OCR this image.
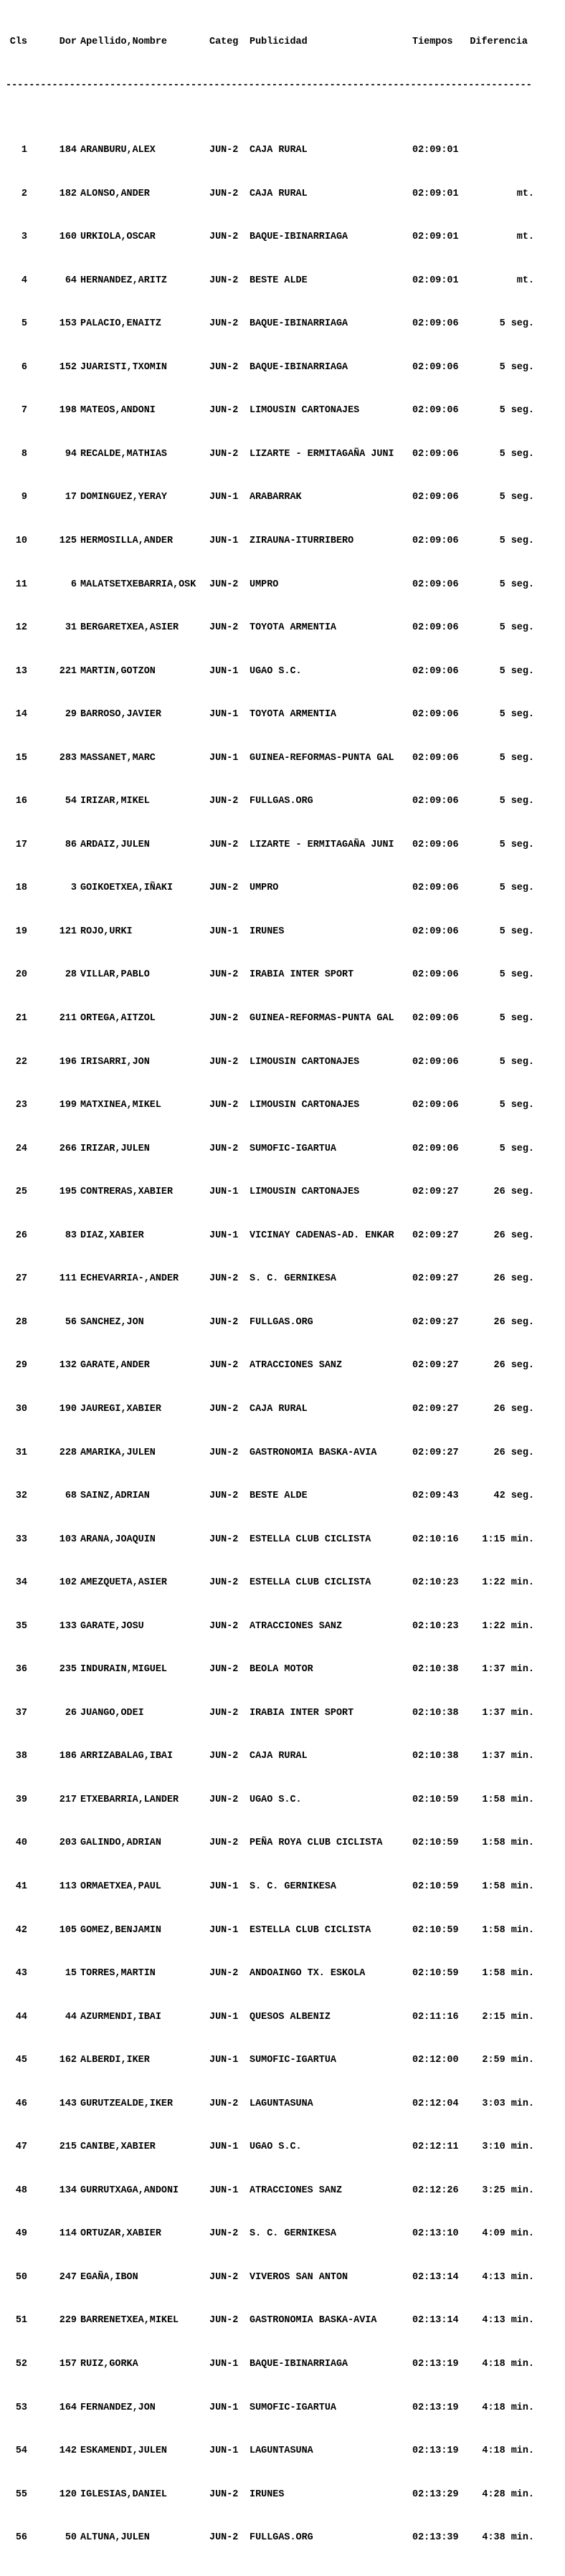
Cls	Dor Apellido,Nombre	Categ	Publicidad	Tiempos	Diferencia

-------------------------------------------------------------------------------------------

1	184 ARANBURU,ALEX	JUN-2	CAJA RURAL	02:09:01

2	182 ALONSO,ANDER	JUN-2	CAJA RURAL	02:09:01	mt.

3	160 URKIOLA,OSCAR	JUN-2	BAQUE-IBINARRIAGA	02:09:01	mt.

4	64 HERNANDEZ,ARITZ	JUN-2	BESTE ALDE	02:09:01	mt.

5	153 PALACIO,ENAITZ	JUN-2	BAQUE-IBINARRIAGA	02:09:06	5 seg.

6	152 JUARISTI,TXOMIN	JUN-2	BAQUE-IBINARRIAGA	02:09:06	5 seg.

7	198 MATEOS,ANDONI	JUN-2	LIMOUSIN CARTONAJES	02:09:06	5 seg.

8	94 RECALDE,MATHIAS	JUN-2	LIZARTE - ERMITAGAÑA JUNI	02:09:06	5 seg.

9	17 DOMINGUEZ,YERAY	JUN-1	ARABARRAK	02:09:06	5 seg.

10	125 HERMOSILLA,ANDER	JUN-1	ZIRAUNA-ITURRIBERO	02:09:06	5 seg.

11	6 MALATSETXEBARRIA,OSK	JUN-2	UMPRO	02:09:06	5 seg.

12	31 BERGARETXEA,ASIER	JUN-2	TOYOTA ARMENTIA	02:09:06	5 seg.

13	221 MARTIN,GOTZON	JUN-1	UGAO S.C.	02:09:06	5 seg.

14	29 BARROSO,JAVIER	JUN-1	TOYOTA ARMENTIA	02:09:06	5 seg.

15	283 MASSANET,MARC	JUN-1	GUINEA-REFORMAS-PUNTA GAL	02:09:06	5 seg.

16	54 IRIZAR,MIKEL	JUN-2	FULLGAS.ORG	02:09:06	5 seg.

17	86 ARDAIZ,JULEN	JUN-2	LIZARTE - ERMITAGAÑA JUNI	02:09:06	5 seg.

18	3 GOIKOETXEA,IÑAKI	JUN-2	UMPRO	02:09:06	5 seg.

19	121 ROJO,URKI	JUN-1	IRUNES	02:09:06	5 seg.

20	28 VILLAR,PABLO	JUN-2	IRABIA INTER SPORT	02:09:06	5 seg.

21	211 ORTEGA,AITZOL	JUN-2	GUINEA-REFORMAS-PUNTA GAL	02:09:06	5 seg.

22	196 IRISARRI,JON	JUN-2	LIMOUSIN CARTONAJES	02:09:06	5 seg.

23	199 MATXINEA,MIKEL	JUN-2	LIMOUSIN CARTONAJES	02:09:06	5 seg.

24	266 IRIZAR,JULEN	JUN-2	SUMOFIC-IGARTUA	02:09:06	5 seg.

25	195 CONTRERAS,XABIER	JUN-1	LIMOUSIN CARTONAJES	02:09:27	26 seg.

26	83 DIAZ,XABIER	JUN-1	VICINAY CADENAS-AD. ENKAR	02:09:27	26 seg.

27	111 ECHEVARRIA-,ANDER	JUN-2	S. C. GERNIKESA	02:09:27	26 seg.

28	56 SANCHEZ,JON	JUN-2	FULLGAS.ORG	02:09:27	26 seg.

29	132 GARATE,ANDER	JUN-2	ATRACCIONES SANZ	02:09:27	26 seg.

30	190 JAUREGI,XABIER	JUN-2	CAJA RURAL	02:09:27	26 seg.

31	228 AMARIKA,JULEN	JUN-2	GASTRONOMIA BASKA-AVIA	02:09:27	26 seg.

32	68 SAINZ,ADRIAN	JUN-2	BESTE ALDE	02:09:43	42 seg.

33	103 ARANA,JOAQUIN	JUN-2	ESTELLA CLUB CICLISTA	02:10:16	1:15 min.

34	102 AMEZQUETA,ASIER	JUN-2	ESTELLA CLUB CICLISTA	02:10:23	1:22 min.

35	133 GARATE,JOSU	JUN-2	ATRACCIONES SANZ	02:10:23	1:22 min.

36	235 INDURAIN,MIGUEL	JUN-2	BEOLA MOTOR	02:10:38	1:37 min.

37	26 JUANGO,ODEI	JUN-2	IRABIA INTER SPORT	02:10:38	1:37 min.

38	186 ARRIZABALAG,IBAI	JUN-2	CAJA RURAL	02:10:38	1:37 min.

39	217 ETXEBARRIA,LANDER	JUN-2	UGAO S.C.	02:10:59	1:58 min.

40	203 GALINDO,ADRIAN	JUN-2	PEÑA ROYA CLUB CICLISTA	02:10:59	1:58 min.

41	113 ORMAETXEA,PAUL	JUN-1	S. C. GERNIKESA	02:10:59	1:58 min.

42	105 GOMEZ,BENJAMIN	JUN-1	ESTELLA CLUB CICLISTA	02:10:59	1:58 min.

43	15 TORRES,MARTIN	JUN-2	ANDOAINGO TX. ESKOLA	02:10:59	1:58 min.

44	44 AZURMENDI,IBAI	JUN-1	QUESOS ALBENIZ	02:11:16	2:15 min.

45	162 ALBERDI,IKER	JUN-1	SUMOFIC-IGARTUA	02:12:00	2:59 min.

46	143 GURUTZEALDE,IKER	JUN-2	LAGUNTASUNA	02:12:04	3:03 min.

47	215 CANIBE,XABIER	JUN-1	UGAO S.C.	02:12:11	3:10 min.

48	134 GURRUTXAGA,ANDONI	JUN-1	ATRACCIONES SANZ	02:12:26	3:25 min.

49	114 ORTUZAR,XABIER	JUN-2	S. C. GERNIKESA	02:13:10	4:09 min.

50	247 EGAÑA,IBON	JUN-2	VIVEROS SAN ANTON	02:13:14	4:13 min.

51	229 BARRENETXEA,MIKEL	JUN-2	GASTRONOMIA BASKA-AVIA	02:13:14	4:13 min.

52	157 RUIZ,GORKA	JUN-1	BAQUE-IBINARRIAGA	02:13:19	4:18 min.

53	164 FERNANDEZ,JON	JUN-1	SUMOFIC-IGARTUA	02:13:19	4:18 min.

54	142 ESKAMENDI,JULEN	JUN-1	LAGUNTASUNA	02:13:19	4:18 min.

55	120 IGLESIAS,DANIEL	JUN-2	IRUNES	02:13:29	4:28 min.

56	50 ALTUNA,JULEN	JUN-2	FULLGAS.ORG	02:13:39	4:38 min.
